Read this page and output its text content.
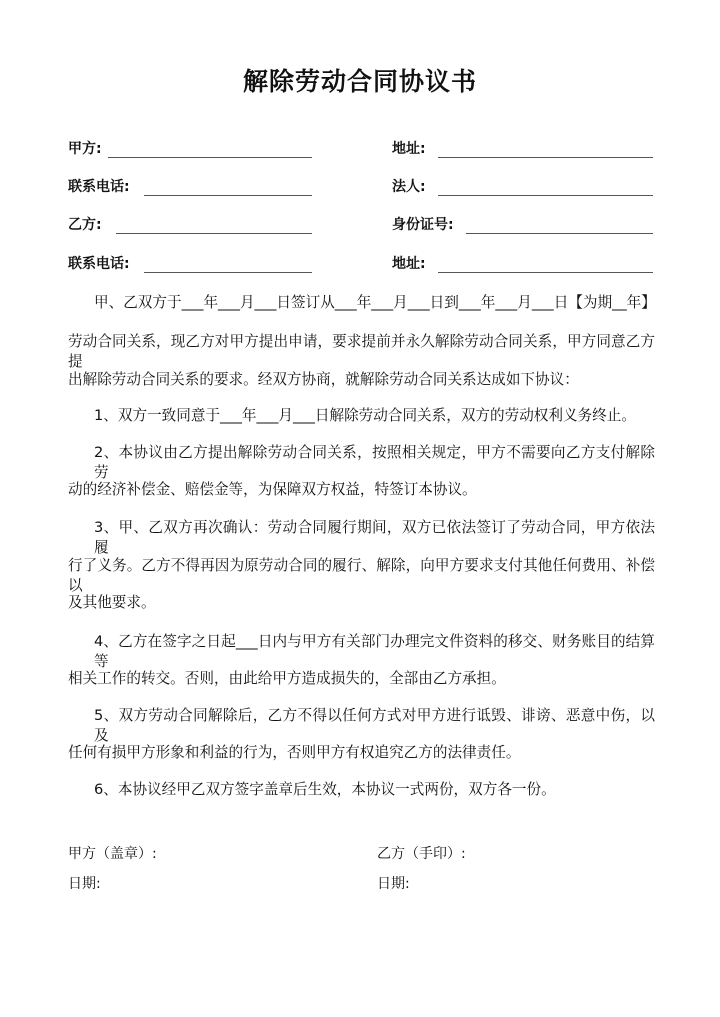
解除劳动合同协议书
甲方:
联系电话:
乙方:
联系电话:
地址:
法人:
身份证号:
地址:
甲、乙双方于___年___月___日签订从___年___月___日到___年___月___日【为期__年】
劳动合同关系，现乙方对甲方提出申请，要求提前并永久解除劳动合同关系，甲方同意乙方提
出解除劳动合同关系的要求。经双方协商，就解除劳动合同关系达成如下协议：
1、双方一致同意于___年___月___日解除劳动合同关系，双方的劳动权利义务终止。
2、本协议由乙方提出解除劳动合同关系，按照相关规定，甲方不需要向乙方支付解除劳
动的经济补偿金、赔偿金等，为保障双方权益，特签订本协议。
3、甲、乙双方再次确认：劳动合同履行期间，双方已依法签订了劳动合同，甲方依法履
行了义务。乙方不得再因为原劳动合同的履行、解除，向甲方要求支付其他任何费用、补偿以
及其他要求。
4、乙方在签字之日起___日内与甲方有关部门办理完文件资料的移交、财务账目的结算等
相关工作的转交。否则，由此给甲方造成损失的，全部由乙方承担。
5、双方劳动合同解除后，乙方不得以任何方式对甲方进行诋毁、诽谤、恶意中伤，以及
任何有损甲方形象和利益的行为，否则甲方有权追究乙方的法律责任。
6、本协议经甲乙双方签字盖章后生效，本协议一式两份，双方各一份。
甲方（盖章）:	乙方（手印）:
日期:	日期:
